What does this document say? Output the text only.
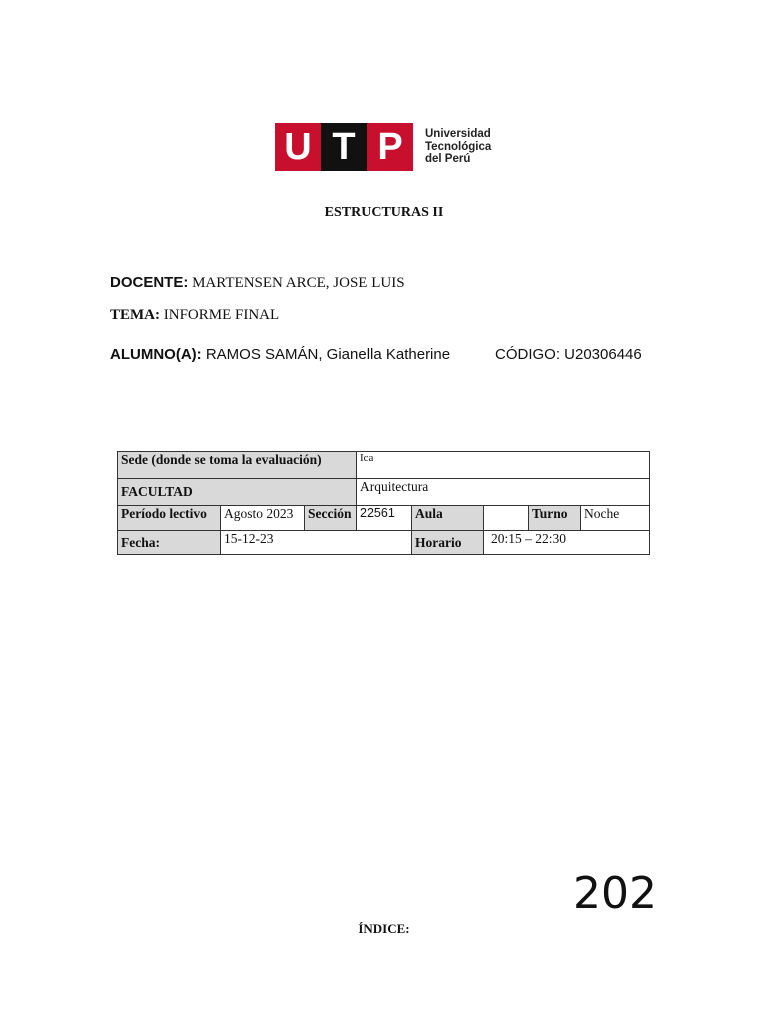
U T P	Universidad
Tecnológica
del Perú
ESTRUCTURAS II
DOCENTE: MARTENSEN ARCE, JOSE LUIS
TEMA: INFORME FINAL
ALUMNO(A): RAMOS SAMÁN, Gianella Katherine	CÓDIGO: U20306446
Sede (donde se toma la evaluación)			Ica				
FACULTAD			Arquitectura				
Período lectivo	Agosto 2023	Sección	22561	Aula		Turno	Noche
Fecha:	15-12-23			Horario	20:15 – 22:30		
202
ÍNDICE:
